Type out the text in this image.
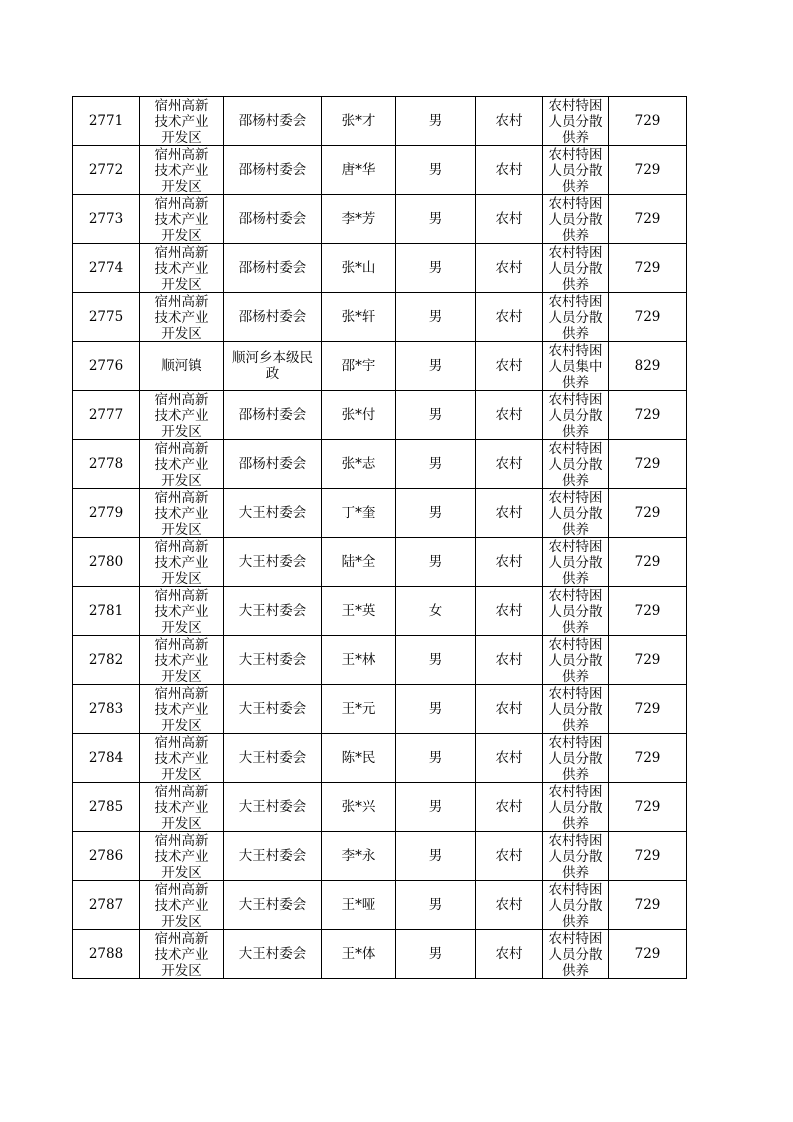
2771	宿州高新技术产业开发区	邵杨村委会	张*才	男	农村	农村特困人员分散供养	729

2772	宿州高新技术产业开发区	邵杨村委会	唐*华	男	农村	农村特困人员分散供养	729

2773	宿州高新技术产业开发区	邵杨村委会	李*芳	男	农村	农村特困人员分散供养	729

2774	宿州高新技术产业开发区	邵杨村委会	张*山	男	农村	农村特困人员分散供养	729

2775	宿州高新技术产业开发区	邵杨村委会	张*轩	男	农村	农村特困人员分散供养	729

2776	顺河镇	顺河乡本级民政	邵*宇	男	农村	农村特困人员集中供养	829

2777	宿州高新技术产业开发区	邵杨村委会	张*付	男	农村	农村特困人员分散供养	729

2778	宿州高新技术产业开发区	邵杨村委会	张*志	男	农村	农村特困人员分散供养	729

2779	宿州高新技术产业开发区	大王村委会	丁*奎	男	农村	农村特困人员分散供养	729

2780	宿州高新技术产业开发区	大王村委会	陆*全	男	农村	农村特困人员分散供养	729

2781	宿州高新技术产业开发区	大王村委会	王*英	女	农村	农村特困人员分散供养	729

2782	宿州高新技术产业开发区	大王村委会	王*林	男	农村	农村特困人员分散供养	729

2783	宿州高新技术产业开发区	大王村委会	王*元	男	农村	农村特困人员分散供养	729

2784	宿州高新技术产业开发区	大王村委会	陈*民	男	农村	农村特困人员分散供养	729

2785	宿州高新技术产业开发区	大王村委会	张*兴	男	农村	农村特困人员分散供养	729

2786	宿州高新技术产业开发区	大王村委会	李*永	男	农村	农村特困人员分散供养	729

2787	宿州高新技术产业开发区	大王村委会	王*哑	男	农村	农村特困人员分散供养	729

2788	宿州高新技术产业开发区	大王村委会	王*体	男	农村	农村特困人员分散供养	729
